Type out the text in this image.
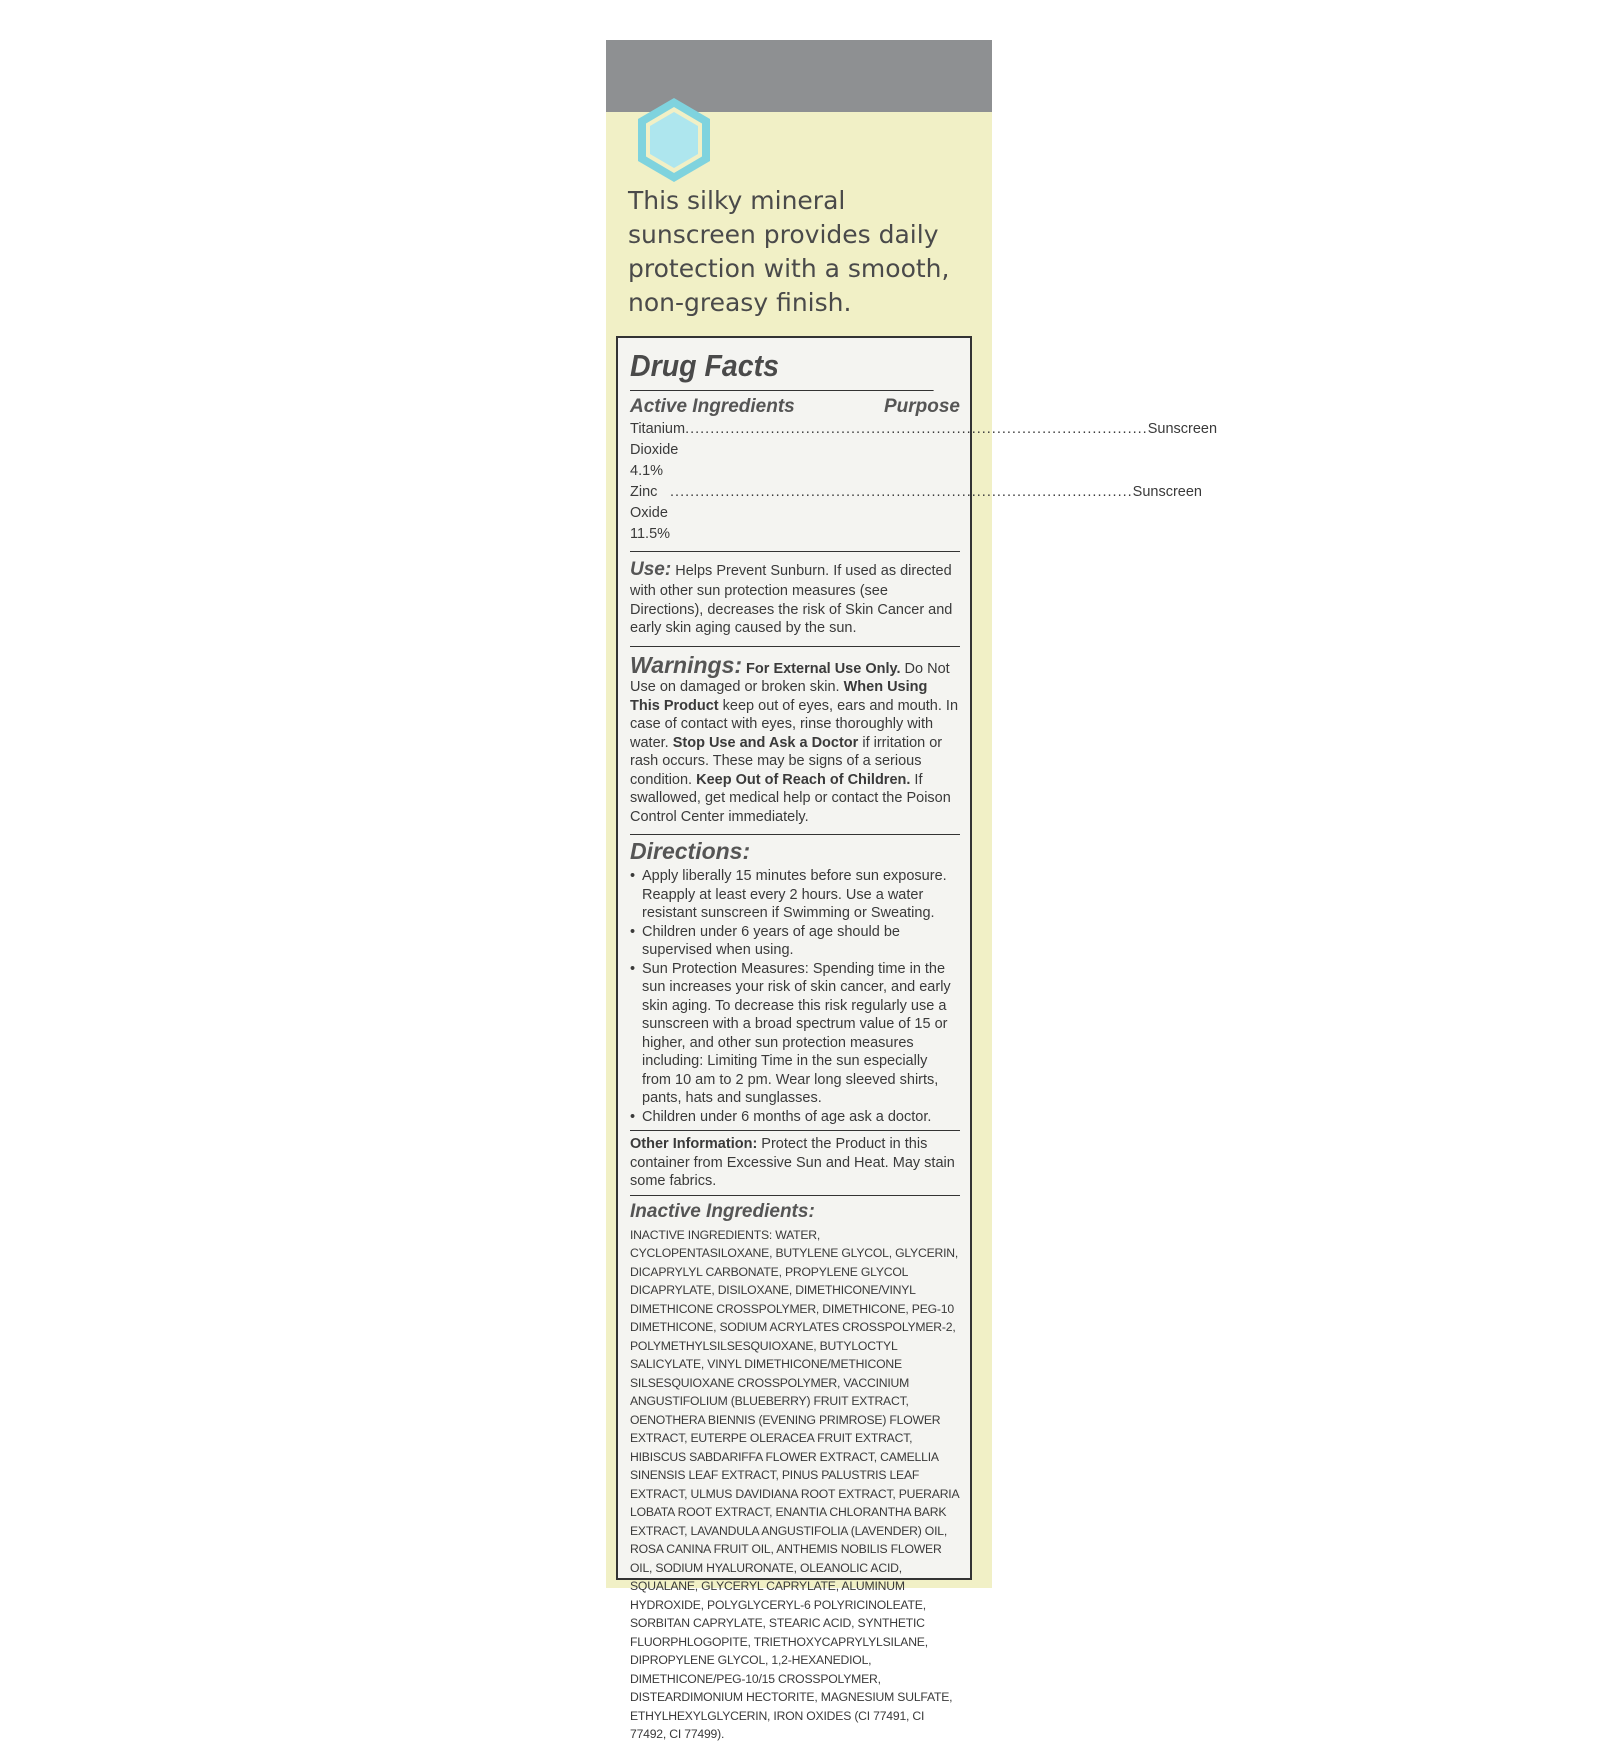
This silky mineral sunscreen provides daily protection with a smooth, non-greasy finish.

Drug Facts
Active Ingredients	Purpose
Titanium Dioxide 4.1%
.....
Sunscreen
Zinc Oxide 11.5%
.....
Sunscreen
Use: Helps Prevent Sunburn. If used as directed with other sun protection measures (see Directions), decreases the risk of Skin Cancer and early skin aging caused by the sun.
Warnings: For External Use Only. Do Not Use on damaged or broken skin. When Using This Product keep out of eyes, ears and mouth. In case of contact with eyes, rinse thoroughly with water. Stop Use and Ask a Doctor if irritation or rash occurs. These may be signs of a serious condition. Keep Out of Reach of Children. If swallowed, get medical help or contact the Poison Control Center immediately.
Directions:
• Apply liberally 15 minutes before sun exposure. Reapply at least every 2 hours. Use a water resistant sunscreen if Swimming or Sweating.
• Children under 6 years of age should be supervised when using.
• Sun Protection Measures: Spending time in the sun increases your risk of skin cancer, and early skin aging. To decrease this risk regularly use a sunscreen with a broad spectrum value of 15 or higher, and other sun protection measures including: Limiting Time in the sun especially from 10 am to 2 pm. Wear long sleeved shirts, pants, hats and sunglasses.
• Children under 6 months of age ask a doctor.
Other Information: Protect the Product in this container from Excessive Sun and Heat. May stain some fabrics.
Inactive Ingredients:
INACTIVE INGREDIENTS: WATER, CYCLOPENTASILOXANE, BUTYLENE GLYCOL, GLYCERIN, DICAPRYLYL CARBONATE, PROPYLENE GLYCOL DICAPRYLATE, DISILOXANE, DIMETHICONE/VINYL DIMETHICONE CROSSPOLYMER, DIMETHICONE, PEG-10 DIMETHICONE, SODIUM ACRYLATES CROSSPOLYMER-2, POLYMETHYLSILSESQUIOXANE, BUTYLOCTYL SALICYLATE, VINYL DIMETHICONE/METHICONE SILSESQUIOXANE CROSSPOLYMER, VACCINIUM ANGUSTIFOLIUM (BLUEBERRY) FRUIT EXTRACT, OENOTHERA BIENNIS (EVENING PRIMROSE) FLOWER EXTRACT, EUTERPE OLERACEA FRUIT EXTRACT, HIBISCUS SABDARIFFA FLOWER EXTRACT, CAMELLIA SINENSIS LEAF EXTRACT, PINUS PALUSTRIS LEAF EXTRACT, ULMUS DAVIDIANA ROOT EXTRACT, PUERARIA LOBATA ROOT EXTRACT, ENANTIA CHLORANTHA BARK EXTRACT, LAVANDULA ANGUSTIFOLIA (LAVENDER) OIL, ROSA CANINA FRUIT OIL, ANTHEMIS NOBILIS FLOWER OIL, SODIUM HYALURONATE, OLEANOLIC ACID, SQUALANE, GLYCERYL CAPRYLATE, ALUMINUM HYDROXIDE, POLYGLYCERYL-6 POLYRICINOLEATE, SORBITAN CAPRYLATE, STEARIC ACID, SYNTHETIC FLUORPHLOGOPITE, TRIETHOXYCAPRYLYLSILANE, DIPROPYLENE GLYCOL, 1,2-HEXANEDIOL, DIMETHICONE/PEG-10/15 CROSSPOLYMER, DISTEARDIMONIUM HECTORITE, MAGNESIUM SULFATE, ETHYLHEXYLGLYCERIN, IRON OXIDES (CI 77491, CI 77492, CI 77499).
